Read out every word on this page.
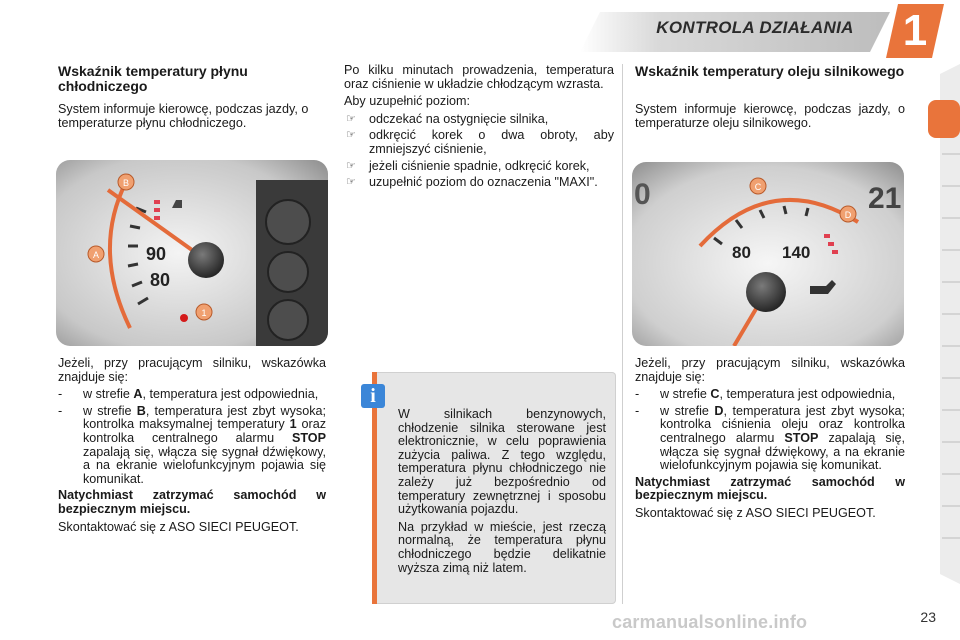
KONTROLA DZIAŁANIA	1
Wskaźnik temperatury płynu chłodniczego
System informuje kierowcę, podczas jazdy, o temperaturze płynu chłodniczego.
90
80
B
A
1

Jeżeli, przy pracującym silniku, wskazówka znajduje się:

- w strefie A, temperatura jest odpowiednia,
- w strefie B, temperatura jest zbyt wysoka; kontrolka maksymalnej temperatury 1 oraz kontrolka centralnego alarmu STOP zapalają się, włącza się sygnał dźwiękowy, a na ekranie wielofunkcyjnym pojawia się komunikat.

Natychmiast zatrzymać samochód w bezpiecznym miejscu.

Skontaktować się z ASO SIECI PEUGEOT.

Po kilku minutach prowadzenia, temperatura oraz ciśnienie w układzie chłodzącym wzrasta.

Aby uzupełnić poziom:

☞ odczekać na ostygnięcie silnika,
☞ odkręcić korek o dwa obroty, aby zmniejszyć ciśnienie,
☞ jeżeli ciśnienie spadnie, odkręcić korek,
☞ uzupełnić poziom do oznaczenia "MAXI".
i

W silnikach benzynowych, chłodzenie silnika sterowane jest elektronicznie, w celu poprawienia zużycia paliwa. Z tego względu, temperatura płynu chłodniczego nie zależy już bezpośrednio od temperatury zewnętrznej i sposobu użytkowania pojazdu.

Na przykład w mieście, jest rzeczą normalną, że temperatura płynu chłodniczego będzie delikatnie wyższa zimą niż latem.

Wskaźnik temperatury oleju silnikowego
System informuje kierowcę, podczas jazdy, o temperaturze oleju silnikowego.
0	21
80 140
C
D

Jeżeli, przy pracującym silniku, wskazówka znajduje się:

- w strefie C, temperatura jest odpowiednia,
- w strefie D, temperatura jest zbyt wysoka; kontrolka ciśnienia oleju oraz kontrolka centralnego alarmu STOP zapalają się, włącza się sygnał dźwiękowy, a na ekranie wielofunkcyjnym pojawia się komunikat.

Natychmiast zatrzymać samochód w bezpiecznym miejscu.

Skontaktować się z ASO SIECI PEUGEOT.

carmanualsonline.info	23
